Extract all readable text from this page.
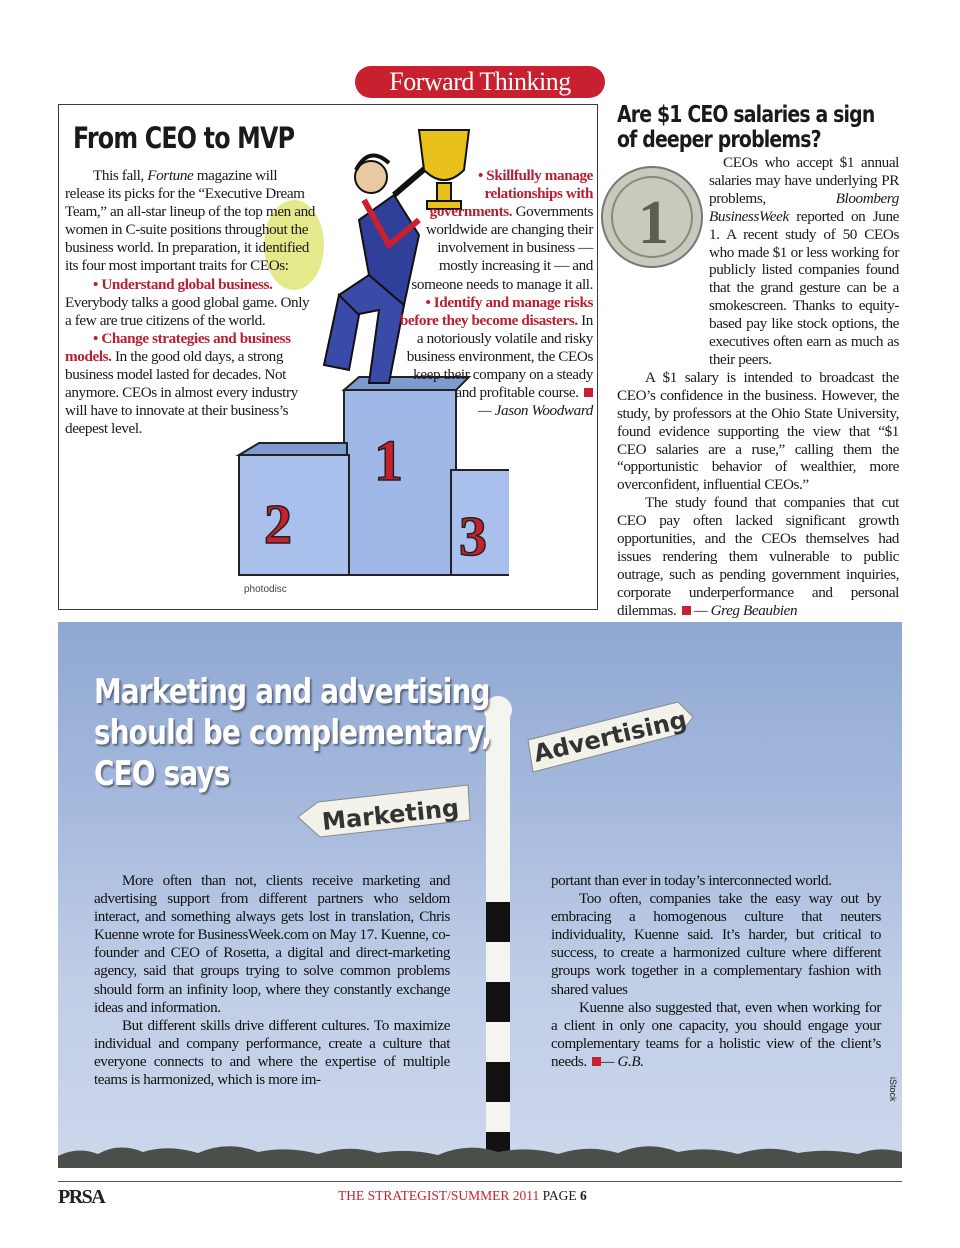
Forward Thinking
1
2	3
From CEO to MVP

This fall, Fortune magazine will release its picks for the “Executive Dream Team,” an all-star lineup of the top men and women in C-suite positions throughout the business world. In preparation, it identified its four most important traits for CEOs:

• Understand global business. Everybody talks a good global game. Only a few are true citizens of the world.

• Change strategies and business models. In the good old days, a strong business model lasted for decades. Not anymore. CEOs in almost every industry will have to innovate at their business’s deepest level.

• Skillfully manage relationships with governments. Governments worldwide are changing their involvement in business — mostly increasing it — and someone needs to manage it all.

• Identify and manage risks before they become disasters. In a notoriously volatile and risky business environment, the CEOs keep their company on a steady and profitable course.

— Jason Woodward

photodisc
Are $1 CEO salaries a sign of deeper problems?
1

CEOs who accept $1 annual salaries may have underlying PR problems, Bloomberg BusinessWeek reported on June 1. A recent study of 50 CEOs who made $1 or less working for publicly listed companies found that the grand gesture can be a smokescreen. Thanks to equity-based pay like stock options, the executives often earn as much as their peers.

A $1 salary is intended to broadcast the CEO’s confidence in the business. However, the study, by professors at the Ohio State University, found evidence supporting the view that “$1 CEO salaries are a ruse,” calling them the “opportunistic behavior of wealthier, more overconfident, influential CEOs.”

The study found that companies that cut CEO pay often lacked significant growth opportunities, and the CEOs themselves had issues rendering them vulnerable to public outrage, such as pending government inquiries, corporate underperformance and personal dilemmas. — Greg Beaubien

Advertising
Marketing
Marketing and advertising
should be complementary,
CEO says

More often than not, clients receive marketing and advertising support from different partners who seldom interact, and something always gets lost in translation, Chris Kuenne wrote for BusinessWeek.com on May 17. Kuenne, co-founder and CEO of Rosetta, a digital and direct-marketing agency, said that groups trying to solve common problems should form an infinity loop, where they constantly exchange ideas and information.

But different skills drive different cultures. To maximize individual and company performance, create a culture that everyone connects to and where the expertise of multiple teams is harmonized, which is more im-

portant than ever in today’s interconnected world.

Too often, companies take the easy way out by embracing a homogenous culture that neuters individuality, Kuenne said. It’s harder, but critical to success, to create a harmonized culture where different groups work together in a complementary fashion with shared values

Kuenne also suggested that, even when working for a client in only one capacity, you should engage your complementary teams for a holistic view of the client’s needs. — G.B.

iStock
PRSA	THE STRATEGIST/SUMMER 2011 PAGE 6
